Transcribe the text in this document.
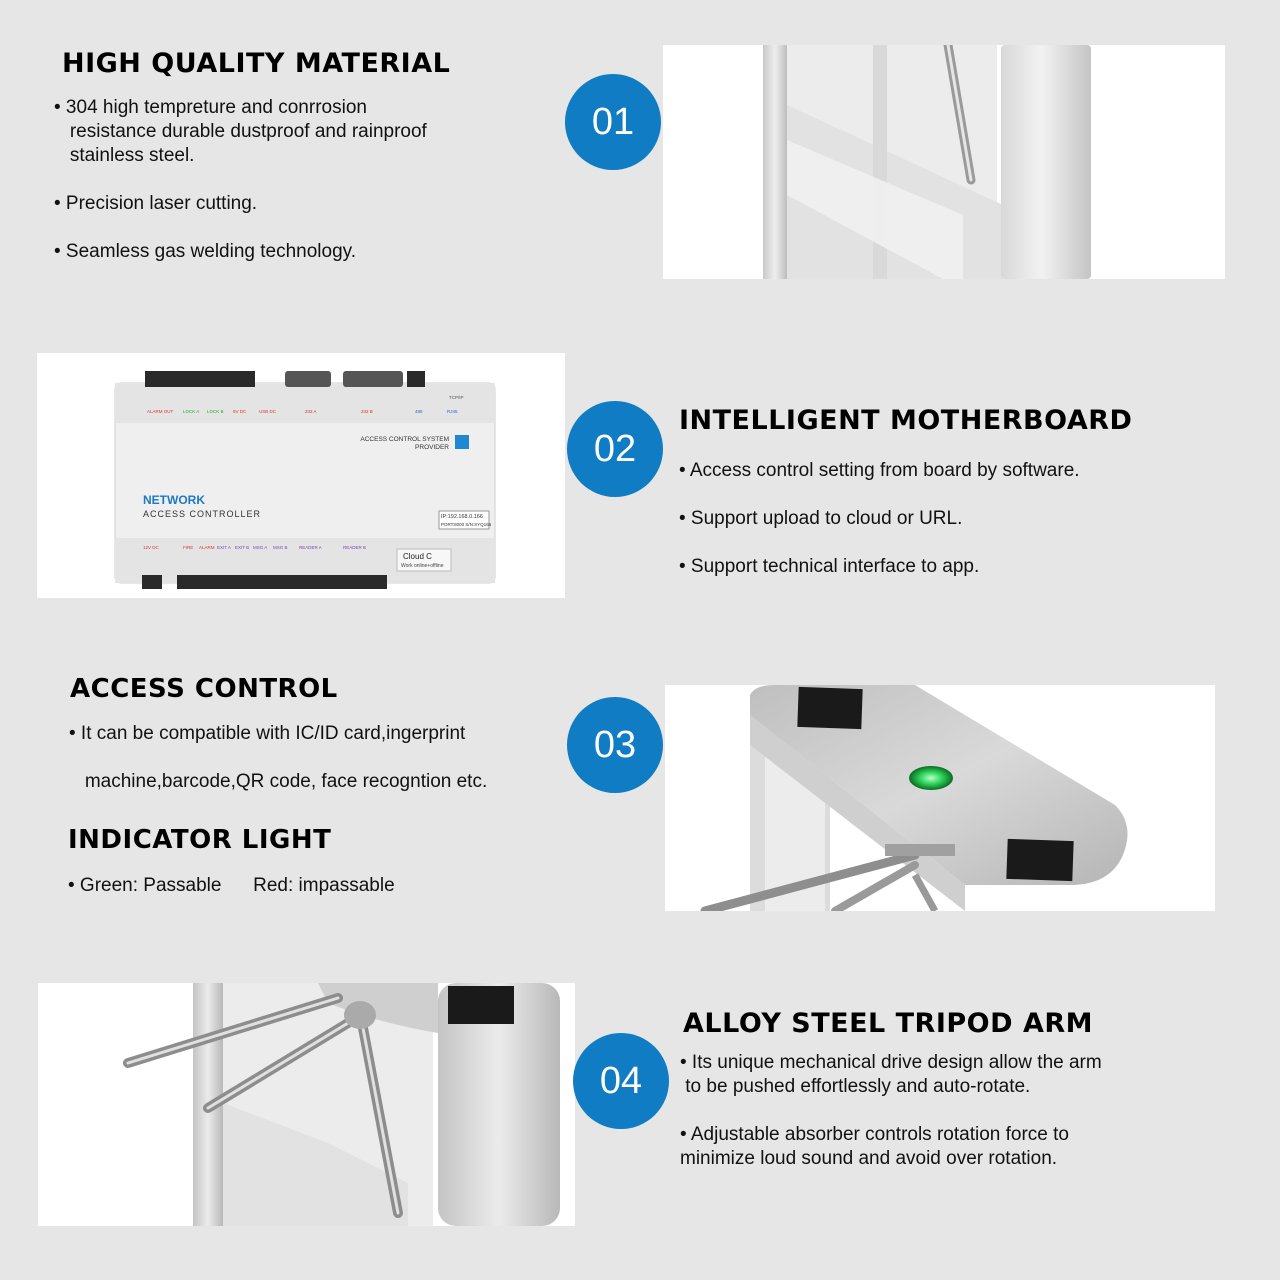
HIGH QUALITY MATERIAL

• 304 high tempreture and conrrosion

resistance durable dustproof and rainproof

stainless steel.

• Precision laser cutting.

• Seamless gas welding technology.

01
ACCESS CONTROL SYSTEM
PROVIDER
NETWORK
ACCESS CONTROLLER	IP:192.168.0.166
PORT:8000 S/N:SYQ166
Cloud C
Work online+offline
ALARM OUT LOCK A LOCK B 5V DC	USB DC	232 A	232 B	485	RJ45
TCP/IP
12V DC	FIRE ALARM EXIT A EXIT B MSG A MSG B	READER A	READER B
02
INTELLIGENT MOTHERBOARD

• Access control setting from board by software.

• Support upload to cloud or URL.

• Support technical interface to app.

ACCESS CONTROL

• It can be compatible with IC/ID card,ingerprint

machine,barcode,QR code, face recogntion etc.

INDICATOR LIGHT

• Green: Passable      Red: impassable

03
04
ALLOY STEEL TRIPOD ARM

• Its unique mechanical drive design allow the arm

to be pushed effortlessly and auto-rotate.

• Adjustable absorber controls rotation force to

minimize loud sound and avoid over rotation.
